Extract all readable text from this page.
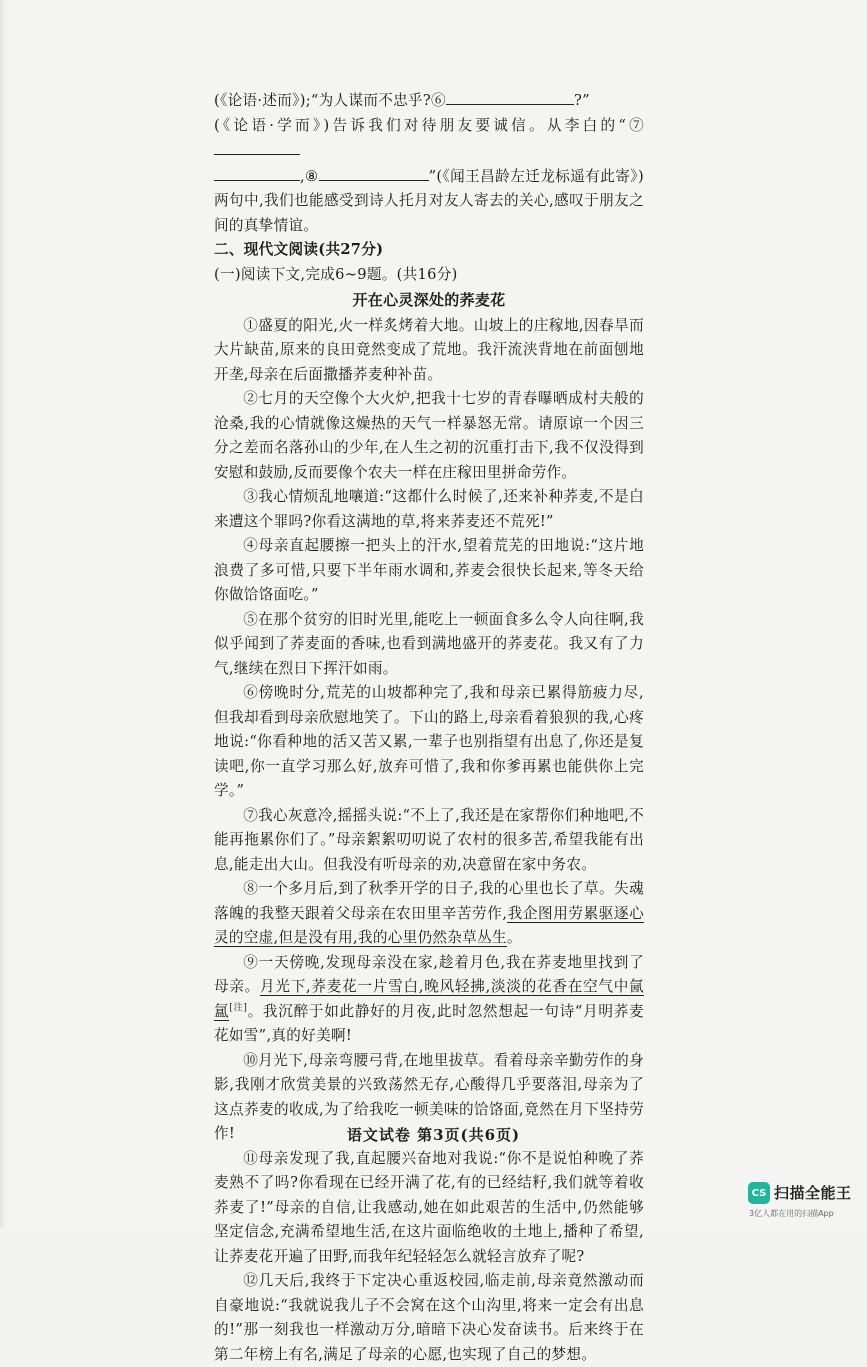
(《论语·述而》);“为人谋而不忠乎?⑥	?”

(《论语·学而》)告诉我们对待朋友要诚信。从李白的“⑦

,⑧	”(《闻王昌龄左迁龙标遥有此寄》)两句中,我们也能感受到诗人托月对友人寄去的关心,感叹于朋友之间的真挚情谊。

二、现代文阅读(共27分)

(一)阅读下文,完成6~9题。(共16分)

开在心灵深处的荞麦花

①盛夏的阳光,火一样炙烤着大地。山坡上的庄稼地,因春旱而大片缺苗,原来的良田竟然变成了荒地。我汗流浃背地在前面刨地开垄,母亲在后面撒播荞麦种补苗。

②七月的天空像个大火炉,把我十七岁的青春曝晒成村夫般的沧桑,我的心情就像这燥热的天气一样暴怒无常。请原谅一个因三分之差而名落孙山的少年,在人生之初的沉重打击下,我不仅没得到安慰和鼓励,反而要像个农夫一样在庄稼田里拼命劳作。

③我心情烦乱地嚷道:“这都什么时候了,还来补种荞麦,不是白来遭这个罪吗?你看这满地的草,将来荞麦还不荒死!”

④母亲直起腰擦一把头上的汗水,望着荒芜的田地说:“这片地浪费了多可惜,只要下半年雨水调和,荞麦会很快长起来,等冬天给你做饸饹面吃。”

⑤在那个贫穷的旧时光里,能吃上一顿面食多么令人向往啊,我似乎闻到了荞麦面的香味,也看到满地盛开的荞麦花。我又有了力气,继续在烈日下挥汗如雨。

⑥傍晚时分,荒芜的山坡都种完了,我和母亲已累得筋疲力尽,但我却看到母亲欣慰地笑了。下山的路上,母亲看着狼狈的我,心疼地说:“你看种地的活又苦又累,一辈子也别指望有出息了,你还是复读吧,你一直学习那么好,放弃可惜了,我和你爹再累也能供你上完学。”

⑦我心灰意冷,摇摇头说:“不上了,我还是在家帮你们种地吧,不能再拖累你们了。”母亲絮絮叨叨说了农村的很多苦,希望我能有出息,能走出大山。但我没有听母亲的劝,决意留在家中务农。

⑧一个多月后,到了秋季开学的日子,我的心里也长了草。失魂落魄的我整天跟着父母亲在农田里辛苦劳作,我企图用劳累驱逐心灵的空虚,但是没有用,我的心里仍然杂草丛生。

⑨一天傍晚,发现母亲没在家,趁着月色,我在荞麦地里找到了母亲。月光下,荞麦花一片雪白,晚风轻拂,淡淡的花香在空气中氤氲[注]。我沉醉于如此静好的月夜,此时忽然想起一句诗“月明荞麦花如雪”,真的好美啊!

⑩月光下,母亲弯腰弓背,在地里拔草。看着母亲辛勤劳作的身影,我刚才欣赏美景的兴致荡然无存,心酸得几乎要落泪,母亲为了这点荞麦的收成,为了给我吃一顿美味的饸饹面,竟然在月下坚持劳作!

⑪母亲发现了我,直起腰兴奋地对我说:“你不是说怕种晚了荞麦熟不了吗?你看现在已经开满了花,有的已经结籽,我们就等着收荞麦了!”母亲的自信,让我感动,她在如此艰苦的生活中,仍然能够坚定信念,充满希望地生活,在这片面临绝收的土地上,播种了希望,让荞麦花开遍了田野,而我年纪轻轻怎么就轻言放弃了呢?

⑫几天后,我终于下定决心重返校园,临走前,母亲竟然激动而自豪地说:“我就说我儿子不会窝在这个山沟里,将来一定会有出息的!”那一刻我也一样激动万分,暗暗下决心发奋读书。后来终于在第二年榜上有名,满足了母亲的心愿,也实现了自己的梦想。

语文试卷 第3页(共6页)
CS 扫描全能王
3亿人都在用的扫描App
